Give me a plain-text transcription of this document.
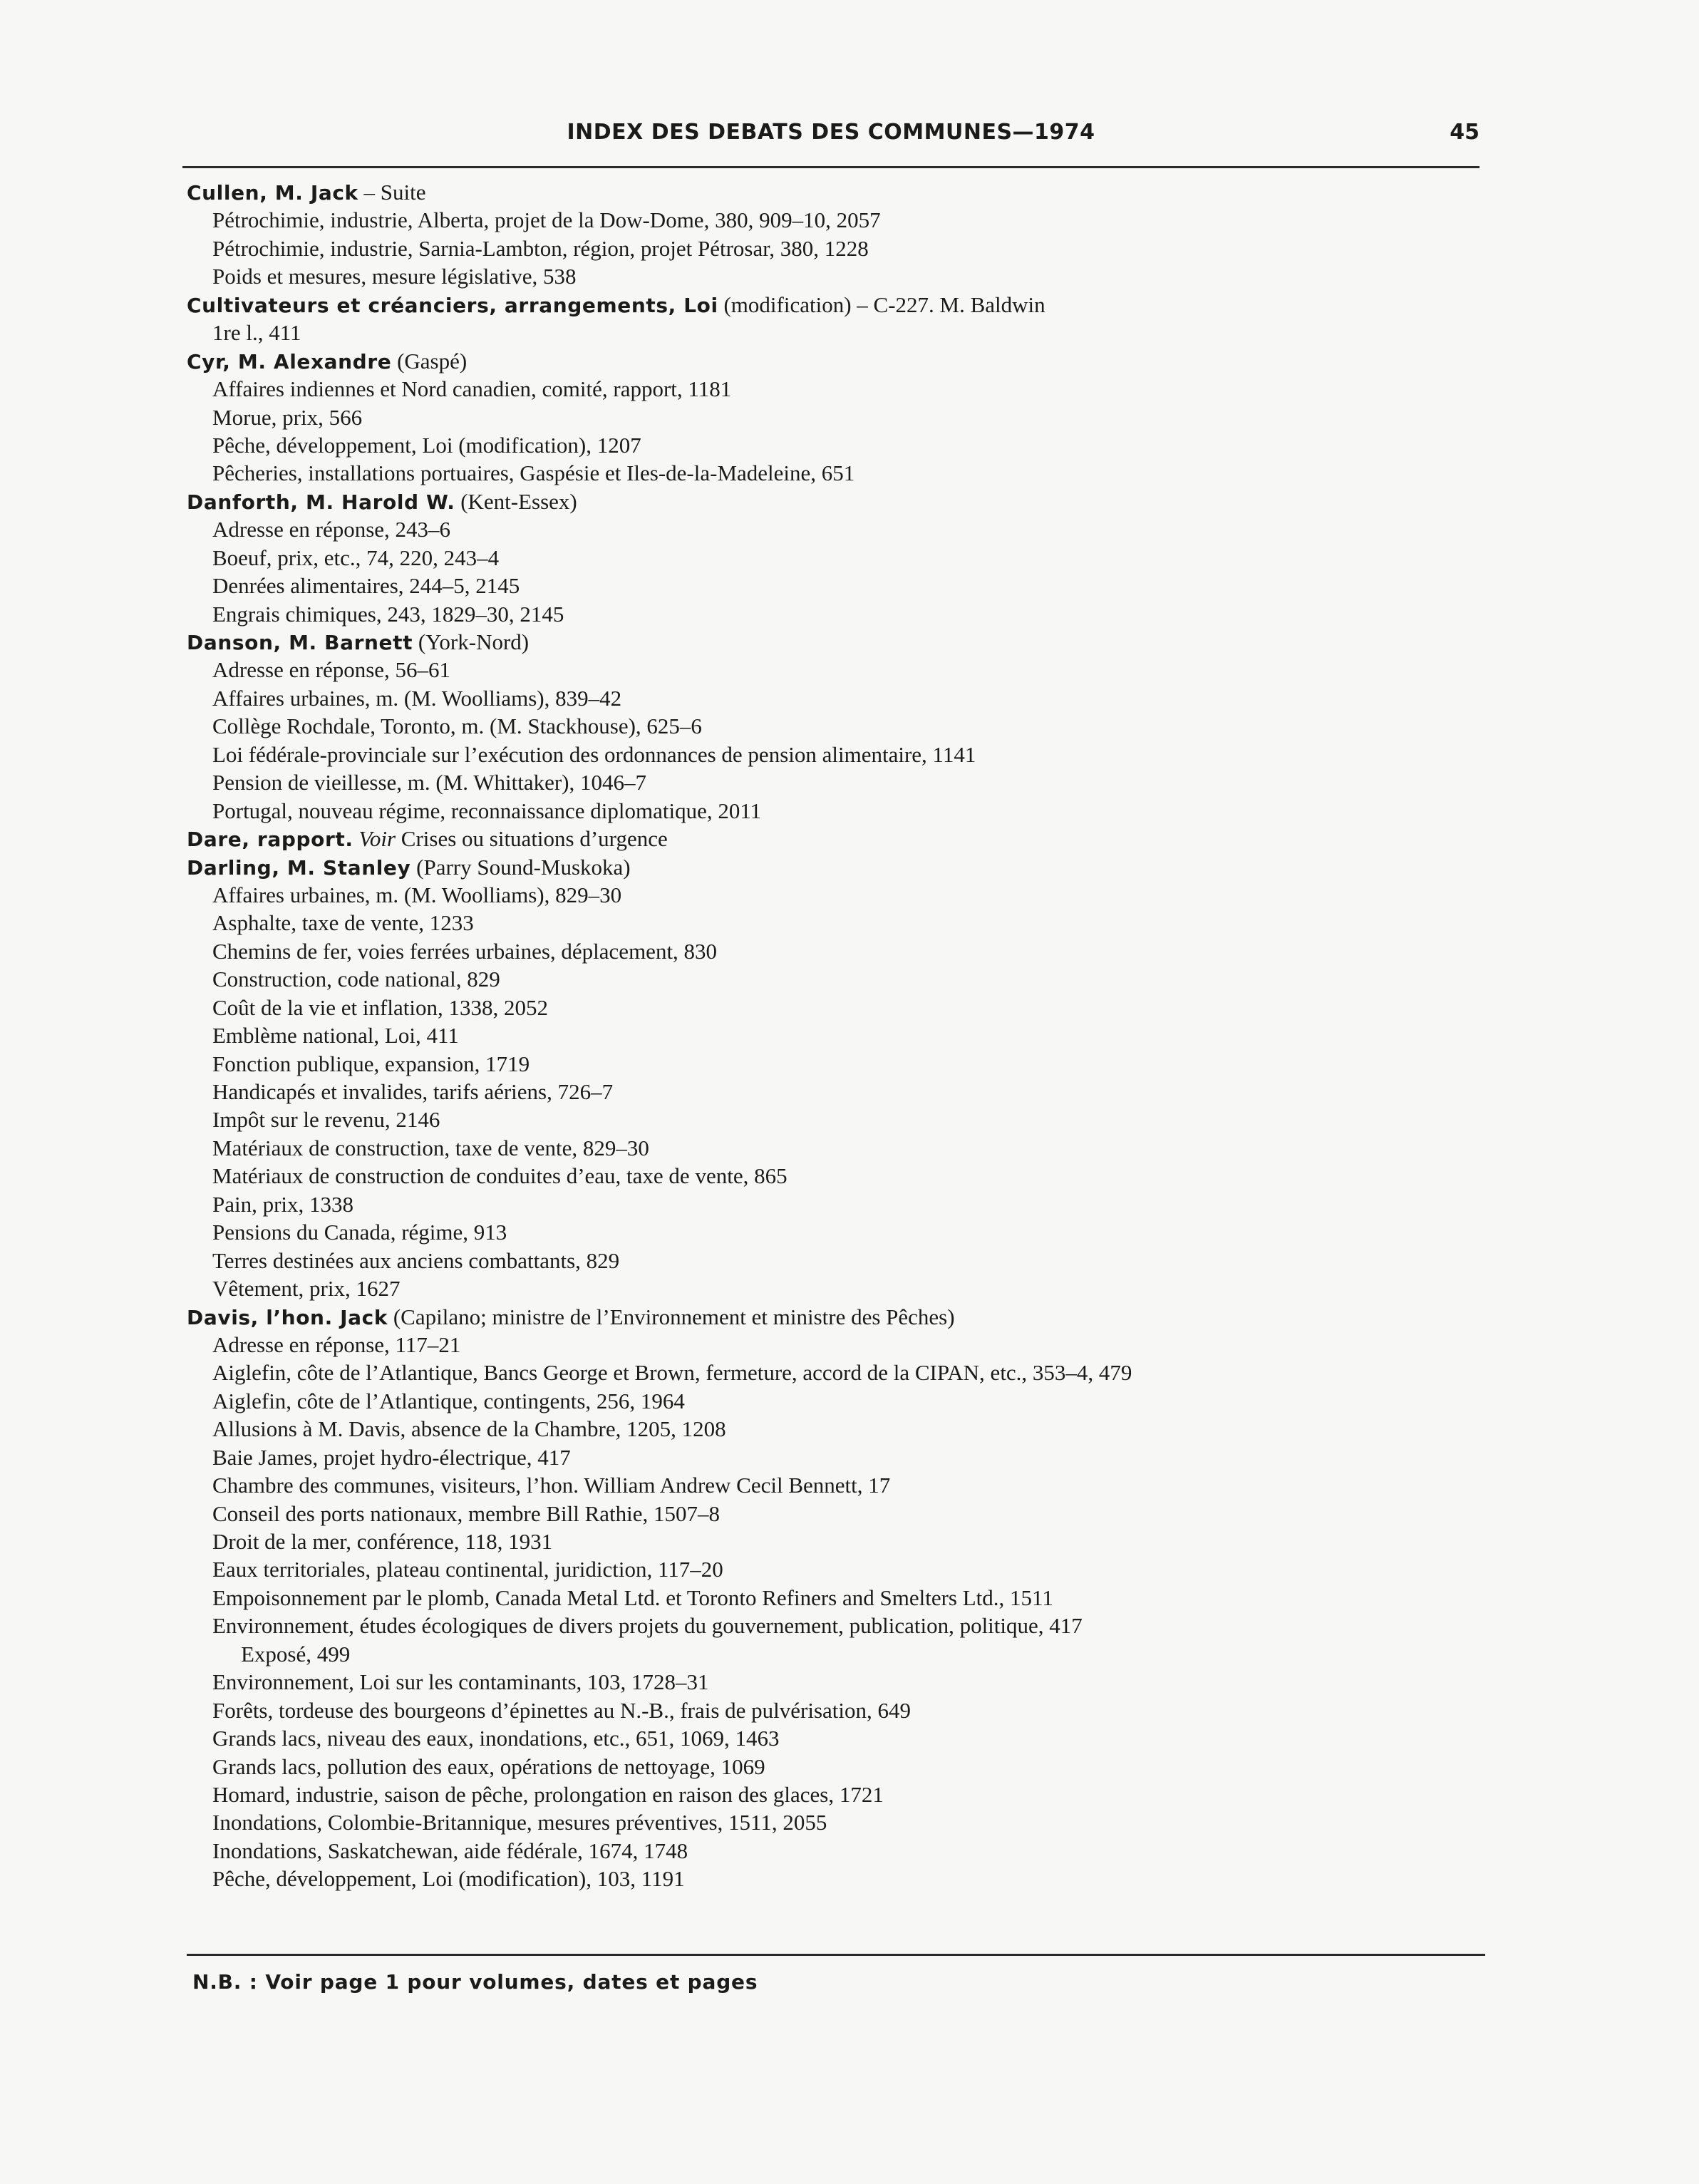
INDEX DES DEBATS DES COMMUNES—1974	45
Cullen, M. Jack – Suite
Pétrochimie, industrie, Alberta, projet de la Dow-Dome, 380, 909–10, 2057
Pétrochimie, industrie, Sarnia-Lambton, région, projet Pétrosar, 380, 1228
Poids et mesures, mesure législative, 538
Cultivateurs et créanciers, arrangements, Loi (modification) – C-227. M. Baldwin
1re l., 411
Cyr, M. Alexandre (Gaspé)
Affaires indiennes et Nord canadien, comité, rapport, 1181
Morue, prix, 566
Pêche, développement, Loi (modification), 1207
Pêcheries, installations portuaires, Gaspésie et Iles-de-la-Madeleine, 651
Danforth, M. Harold W. (Kent-Essex)
Adresse en réponse, 243–6
Boeuf, prix, etc., 74, 220, 243–4
Denrées alimentaires, 244–5, 2145
Engrais chimiques, 243, 1829–30, 2145
Danson, M. Barnett (York-Nord)
Adresse en réponse, 56–61
Affaires urbaines, m. (M. Woolliams), 839–42
Collège Rochdale, Toronto, m. (M. Stackhouse), 625–6
Loi fédérale-provinciale sur l’exécution des ordonnances de pension alimentaire, 1141
Pension de vieillesse, m. (M. Whittaker), 1046–7
Portugal, nouveau régime, reconnaissance diplomatique, 2011
Dare, rapport. Voir Crises ou situations d’urgence
Darling, M. Stanley (Parry Sound-Muskoka)
Affaires urbaines, m. (M. Woolliams), 829–30
Asphalte, taxe de vente, 1233
Chemins de fer, voies ferrées urbaines, déplacement, 830
Construction, code national, 829
Coût de la vie et inflation, 1338, 2052
Emblème national, Loi, 411
Fonction publique, expansion, 1719
Handicapés et invalides, tarifs aériens, 726–7
Impôt sur le revenu, 2146
Matériaux de construction, taxe de vente, 829–30
Matériaux de construction de conduites d’eau, taxe de vente, 865
Pain, prix, 1338
Pensions du Canada, régime, 913
Terres destinées aux anciens combattants, 829
Vêtement, prix, 1627
Davis, l’hon. Jack (Capilano; ministre de l’Environnement et ministre des Pêches)
Adresse en réponse, 117–21
Aiglefin, côte de l’Atlantique, Bancs George et Brown, fermeture, accord de la CIPAN, etc., 353–4, 479
Aiglefin, côte de l’Atlantique, contingents, 256, 1964
Allusions à M. Davis, absence de la Chambre, 1205, 1208
Baie James, projet hydro-électrique, 417
Chambre des communes, visiteurs, l’hon. William Andrew Cecil Bennett, 17
Conseil des ports nationaux, membre Bill Rathie, 1507–8
Droit de la mer, conférence, 118, 1931
Eaux territoriales, plateau continental, juridiction, 117–20
Empoisonnement par le plomb, Canada Metal Ltd. et Toronto Refiners and Smelters Ltd., 1511
Environnement, études écologiques de divers projets du gouvernement, publication, politique, 417
Exposé, 499
Environnement, Loi sur les contaminants, 103, 1728–31
Forêts, tordeuse des bourgeons d’épinettes au N.-B., frais de pulvérisation, 649
Grands lacs, niveau des eaux, inondations, etc., 651, 1069, 1463
Grands lacs, pollution des eaux, opérations de nettoyage, 1069
Homard, industrie, saison de pêche, prolongation en raison des glaces, 1721
Inondations, Colombie-Britannique, mesures préventives, 1511, 2055
Inondations, Saskatchewan, aide fédérale, 1674, 1748
Pêche, développement, Loi (modification), 103, 1191
N.B. : Voir page 1 pour volumes, dates et pages
